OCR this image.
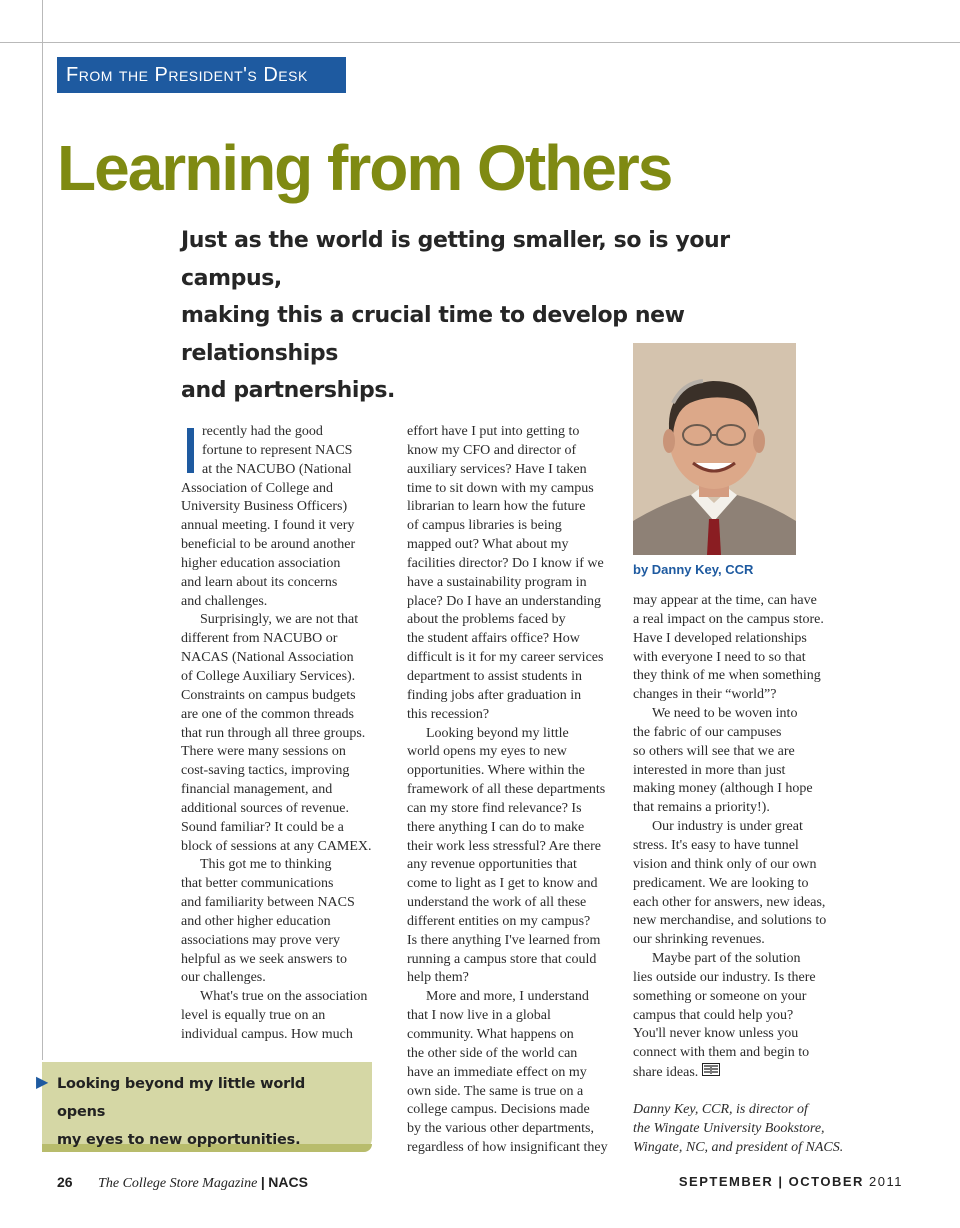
From the President's Desk
Learning from Others
Just as the world is getting smaller, so is your campus,
making this a crucial time to develop new relationships
and partnerships.
by Danny Key, CCR

recently had the good

fortune to represent NACS

at the NACUBO (National

Association of College and

University Business Officers)

annual meeting. I found it very

beneficial to be around another

higher education association

and learn about its concerns

and challenges.

Surprisingly, we are not that

different from NACUBO or

NACAS (National Association

of College Auxiliary Services).

Constraints on campus budgets

are one of the common threads

that run through all three groups.

There were many sessions on

cost-saving tactics, improving

financial management, and

additional sources of revenue.

Sound familiar? It could be a

block of sessions at any CAMEX.

This got me to thinking

that better communications

and familiarity between NACS

and other higher education

associations may prove very

helpful as we seek answers to

our challenges.

What's true on the association

level is equally true on an

individual campus. How much

effort have I put into getting to

know my CFO and director of

auxiliary services? Have I taken

time to sit down with my campus

librarian to learn how the future

of campus libraries is being

mapped out? What about my

facilities director? Do I know if we

have a sustainability program in

place? Do I have an understanding

about the problems faced by

the student affairs office? How

difficult is it for my career services

department to assist students in

finding jobs after graduation in

this recession?

Looking beyond my little

world opens my eyes to new

opportunities. Where within the

framework of all these departments

can my store find relevance? Is

there anything I can do to make

their work less stressful? Are there

any revenue opportunities that

come to light as I get to know and

understand the work of all these

different entities on my campus?

Is there anything I've learned from

running a campus store that could

help them?

More and more, I understand

that I now live in a global

community. What happens on

the other side of the world can

have an immediate effect on my

own side. The same is true on a

college campus. Decisions made

by the various other departments,

regardless of how insignificant they

may appear at the time, can have

a real impact on the campus store.

Have I developed relationships

with everyone I need to so that

they think of me when something

changes in their “world”?

We need to be woven into

the fabric of our campuses

so others will see that we are

interested in more than just

making money (although I hope

that remains a priority!).

Our industry is under great

stress. It's easy to have tunnel

vision and think only of our own

predicament. We are looking to

each other for answers, new ideas,

new merchandise, and solutions to

our shrinking revenues.

Maybe part of the solution

lies outside our industry. Is there

something or someone on your

campus that could help you?

You'll never know unless you

connect with them and begin to

share ideas.

Danny Key, CCR, is director of

the Wingate University Bookstore,

Wingate, NC, and president of NACS.

▶ Looking beyond my little world opens
my eyes to new opportunities.
26 The College Store Magazine | NACS	SEPTEMBER | OCTOBER 2011
